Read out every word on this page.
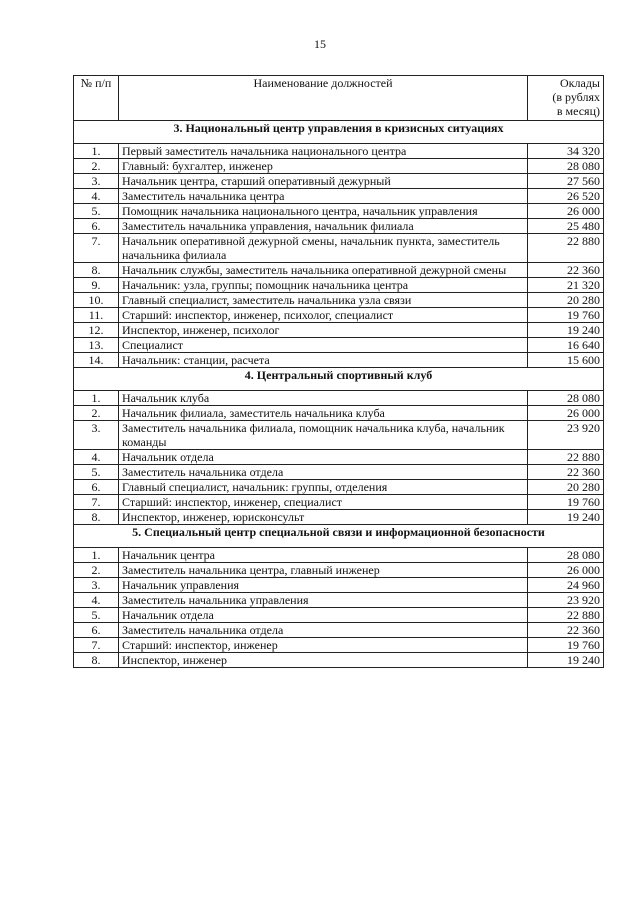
15
№ п/п	Наименование должностей	Оклады
(в рублях
в месяц)

3. Национальный центр управления в кризисных ситуациях		
1.	Первый заместитель начальника национального центра	34 320
2.	Главный: бухгалтер, инженер	28 080
3.	Начальник центра, старший оперативный дежурный	27 560
4.	Заместитель начальника центра	26 520
5.	Помощник начальника национального центра, начальник управления	26 000
6.	Заместитель начальника управления, начальник филиала	25 480
7.	Начальник оперативной дежурной смены, начальник пункта, заместитель начальника филиала	22 880
8.	Начальник службы, заместитель начальника оперативной дежурной смены	22 360
9.	Начальник: узла, группы; помощник начальника центра	21 320
10.	Главный специалист, заместитель начальника узла связи	20 280
11.	Старший: инспектор, инженер, психолог, специалист	19 760
12.	Инспектор, инженер, психолог	19 240
13.	Специалист	16 640
14.	Начальник: станции, расчета	15 600
4. Центральный спортивный клуб		
1.	Начальник клуба	28 080
2.	Начальник филиала, заместитель начальника клуба	26 000
3.	Заместитель начальника филиала, помощник начальника клуба, начальник команды	23 920
4.	Начальник отдела	22 880
5.	Заместитель начальника отдела	22 360
6.	Главный специалист, начальник: группы, отделения	20 280
7.	Старший: инспектор, инженер, специалист	19 760
8.	Инспектор, инженер, юрисконсульт	19 240
5. Специальный центр специальной связи и информационной безопасности		
1.	Начальник центра	28 080
2.	Заместитель начальника центра, главный инженер	26 000
3.	Начальник управления	24 960
4.	Заместитель начальника управления	23 920
5.	Начальник отдела	22 880
6.	Заместитель начальника отдела	22 360
7.	Старший: инспектор, инженер	19 760
8.	Инспектор, инженер	19 240
